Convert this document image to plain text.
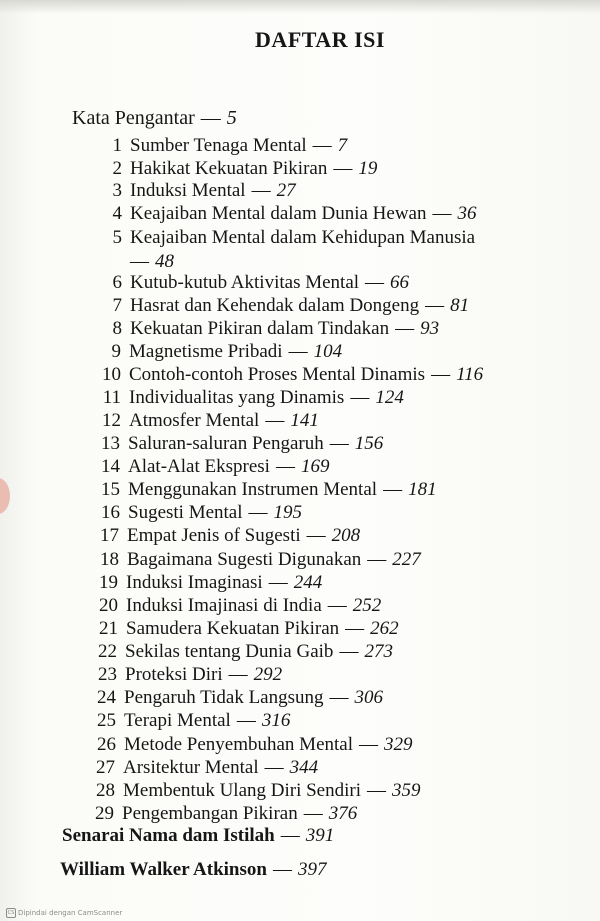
DAFTAR ISI
Kata Pengantar — 5
1 Sumber Tenaga Mental — 7
2 Hakikat Kekuatan Pikiran — 19
3 Induksi Mental — 27
4 Keajaiban Mental dalam Dunia Hewan — 36
5 Keajaiban Mental dalam Kehidupan Manusia
— 48
6 Kutub-kutub Aktivitas Mental — 66
7 Hasrat dan Kehendak dalam Dongeng — 81
8 Kekuatan Pikiran dalam Tindakan — 93
9 Magnetisme Pribadi — 104
10 Contoh-contoh Proses Mental Dinamis — 116
11 Individualitas yang Dinamis — 124
12 Atmosfer Mental — 141
13 Saluran-saluran Pengaruh — 156
14 Alat-Alat Ekspresi — 169
15 Menggunakan Instrumen Mental — 181
16 Sugesti Mental — 195
17 Empat Jenis of Sugesti — 208
18 Bagaimana Sugesti Digunakan — 227
19 Induksi Imaginasi — 244
20 Induksi Imajinasi di India — 252
21 Samudera Kekuatan Pikiran — 262
22 Sekilas tentang Dunia Gaib — 273
23 Proteksi Diri — 292
24 Pengaruh Tidak Langsung — 306
25 Terapi Mental — 316
26 Metode Penyembuhan Mental — 329
27 Arsitektur Mental — 344
28 Membentuk Ulang Diri Sendiri — 359
29 Pengembangan Pikiran — 376
Senarai Nama dam Istilah — 391
William Walker Atkinson — 397
CS Dipindai dengan CamScanner
